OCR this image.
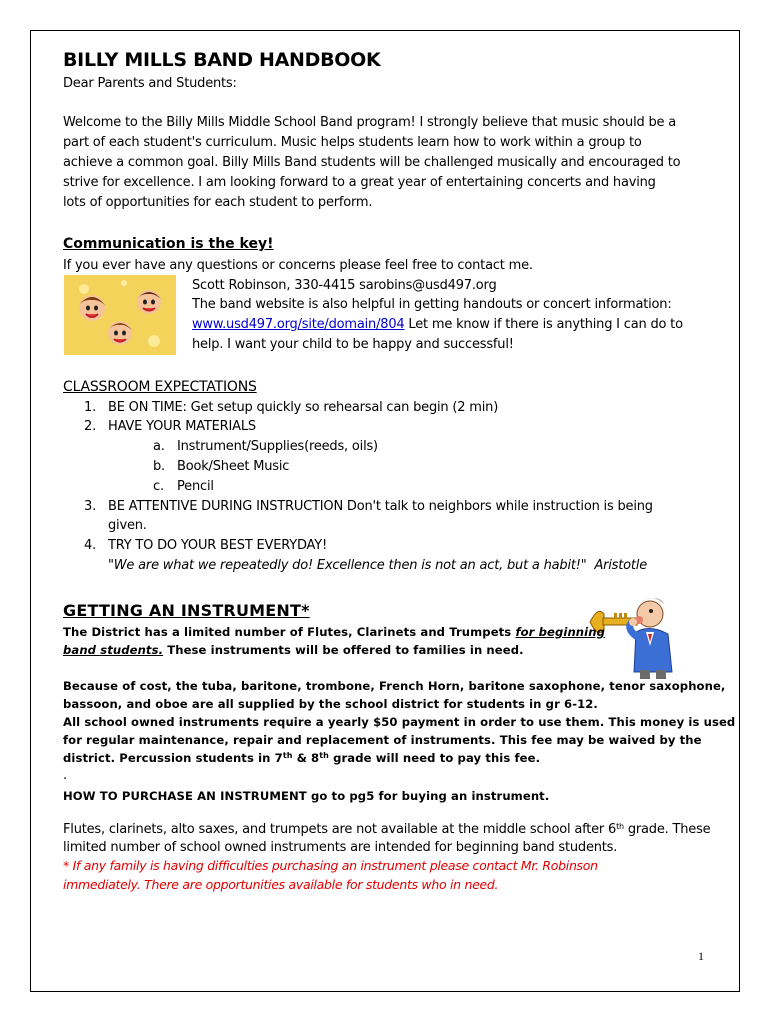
BILLY MILLS BAND HANDBOOK
Dear Parents and Students:
Welcome to the Billy Mills Middle School Band program! I strongly believe that music should be a
part of each student's curriculum. Music helps students learn how to work within a group to
achieve a common goal. Billy Mills Band students will be challenged musically and encouraged to
strive for excellence. I am looking forward to a great year of entertaining concerts and having
lots of opportunities for each student to perform.
Communication is the key!
If you ever have any questions or concerns please feel free to contact me.
Scott Robinson, 330-4415 sarobins@usd497.org
The band website is also helpful in getting handouts or concert information:
www.usd497.org/site/domain/804 Let me know if there is anything I can do to
help. I want your child to be happy and successful!
CLASSROOM EXPECTATIONS
1. BE ON TIME: Get setup quickly so rehearsal can begin (2 min)
2. HAVE YOUR MATERIALS
a. Instrument/Supplies(reeds, oils)
b. Book/Sheet Music
c. Pencil
3. BE ATTENTIVE DURING INSTRUCTION Don't talk to neighbors while instruction is being
given.
4. TRY TO DO YOUR BEST EVERYDAY!
"We are what we repeatedly do! Excellence then is not an act, but a habit!" Aristotle
GETTING AN INSTRUMENT*
The District has a limited number of Flutes, Clarinets and Trumpets for beginning
band students. These instruments will be offered to families in need.
Because of cost, the tuba, baritone, trombone, French Horn, baritone saxophone, tenor saxophone,
bassoon, and oboe are all supplied by the school district for students in gr 6-12.
All school owned instruments require a yearly $50 payment in order to use them. This money is used
for regular maintenance, repair and replacement of instruments. This fee may be waived by the
district. Percussion students in 7th & 8th grade will need to pay this fee.
.
HOW TO PURCHASE AN INSTRUMENT go to pg5 for buying an instrument.
Flutes, clarinets, alto saxes, and trumpets are not available at the middle school after 6th grade. These
limited number of school owned instruments are intended for beginning band students.
* If any family is having difficulties purchasing an instrument please contact Mr. Robinson
immediately. There are opportunities available for students who in need.
1
